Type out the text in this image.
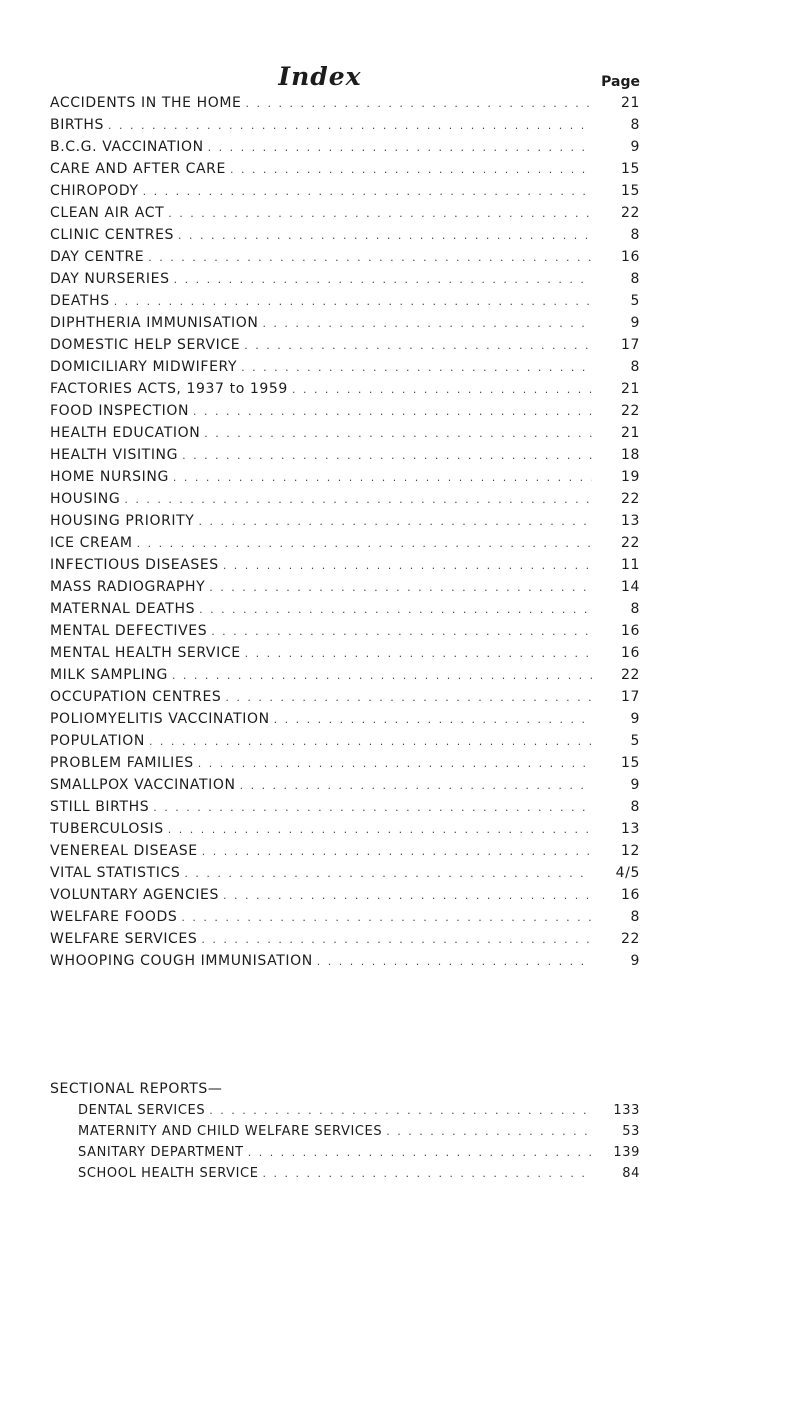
Index	Page
ACCIDENTS IN THE HOME . . .	21
BIRTHS . . .	8
B.C.G. VACCINATION . . .	9
CARE AND AFTER CARE . . .	15
CHIROPODY . . .	15
CLEAN AIR ACT . . .	22
CLINIC CENTRES . . .	8
DAY CENTRE . . .	16
DAY NURSERIES . . .	8
DEATHS . . .	5
DIPHTHERIA IMMUNISATION . . .	9
DOMESTIC HELP SERVICE . . .	17
DOMICILIARY MIDWIFERY . . .	8
FACTORIES ACTS, 1937 to 1959 . . .	21
FOOD INSPECTION . . .	22
HEALTH EDUCATION . . .	21
HEALTH VISITING . . .	18
HOME NURSING . . .	19
HOUSING . . .	22
HOUSING PRIORITY . . .	13
ICE CREAM . . .	22
INFECTIOUS DISEASES . . .	11
MASS RADIOGRAPHY . . .	14
MATERNAL DEATHS . . .	8
MENTAL DEFECTIVES . . .	16
MENTAL HEALTH SERVICE . . .	16
MILK SAMPLING . . .	22
OCCUPATION CENTRES . . .	17
POLIOMYELITIS VACCINATION . . .	9
POPULATION . . .	5
PROBLEM FAMILIES . . .	15
SMALLPOX VACCINATION . . .	9
STILL BIRTHS . . .	8
TUBERCULOSIS . . .	13
VENEREAL DISEASE . . .	12
VITAL STATISTICS . . .	4/5
VOLUNTARY AGENCIES . . .	16
WELFARE FOODS . . .	8
WELFARE SERVICES . . .	22
WHOOPING COUGH IMMUNISATION . . .	9
SECTIONAL REPORTS—
DENTAL SERVICES . . .	133
MATERNITY AND CHILD WELFARE SERVICES . . .	53
SANITARY DEPARTMENT . . .	139
SCHOOL HEALTH SERVICE . . .	84
